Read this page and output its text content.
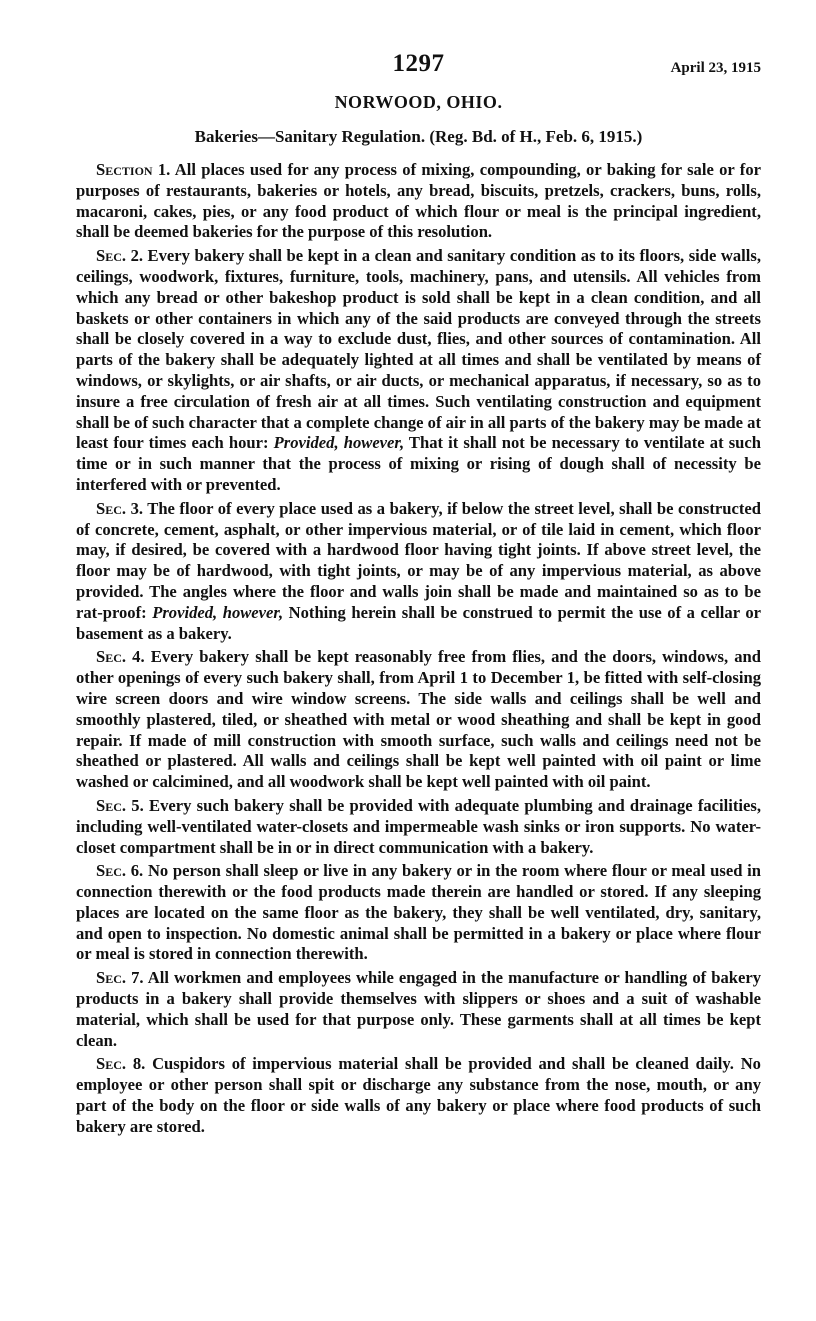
1297	April 23, 1915
NORWOOD, OHIO.
Bakeries—Sanitary Regulation. (Reg. Bd. of H., Feb. 6, 1915.)

Section 1. All places used for any process of mixing, compounding, or baking for sale or for purposes of restaurants, bakeries or hotels, any bread, biscuits, pretzels, crackers, buns, rolls, macaroni, cakes, pies, or any food product of which flour or meal is the principal ingredient, shall be deemed bakeries for the purpose of this resolution.

Sec. 2. Every bakery shall be kept in a clean and sanitary condition as to its floors, side walls, ceilings, woodwork, fixtures, furniture, tools, machinery, pans, and utensils. All vehicles from which any bread or other bakeshop product is sold shall be kept in a clean condition, and all baskets or other containers in which any of the said products are conveyed through the streets shall be closely covered in a way to exclude dust, flies, and other sources of contamination. All parts of the bakery shall be adequately lighted at all times and shall be ventilated by means of windows, or skylights, or air shafts, or air ducts, or mechanical apparatus, if necessary, so as to insure a free circulation of fresh air at all times. Such ventilating construction and equipment shall be of such character that a complete change of air in all parts of the bakery may be made at least four times each hour: Provided, however, That it shall not be necessary to ventilate at such time or in such manner that the process of mixing or rising of dough shall of necessity be interfered with or prevented.

Sec. 3. The floor of every place used as a bakery, if below the street level, shall be constructed of concrete, cement, asphalt, or other impervious material, or of tile laid in cement, which floor may, if desired, be covered with a hardwood floor having tight joints. If above street level, the floor may be of hardwood, with tight joints, or may be of any impervious material, as above provided. The angles where the floor and walls join shall be made and maintained so as to be rat-proof: Provided, however, Nothing herein shall be construed to permit the use of a cellar or basement as a bakery.

Sec. 4. Every bakery shall be kept reasonably free from flies, and the doors, windows, and other openings of every such bakery shall, from April 1 to December 1, be fitted with self-closing wire screen doors and wire window screens. The side walls and ceilings shall be well and smoothly plastered, tiled, or sheathed with metal or wood sheathing and shall be kept in good repair. If made of mill construction with smooth surface, such walls and ceilings need not be sheathed or plastered. All walls and ceilings shall be kept well painted with oil paint or lime washed or calcimined, and all woodwork shall be kept well painted with oil paint.

Sec. 5. Every such bakery shall be provided with adequate plumbing and drainage facilities, including well-ventilated water-closets and impermeable wash sinks or iron supports. No water-closet compartment shall be in or in direct communication with a bakery.

Sec. 6. No person shall sleep or live in any bakery or in the room where flour or meal used in connection therewith or the food products made therein are handled or stored. If any sleeping places are located on the same floor as the bakery, they shall be well ventilated, dry, sanitary, and open to inspection. No domestic animal shall be permitted in a bakery or place where flour or meal is stored in connection therewith.

Sec. 7. All workmen and employees while engaged in the manufacture or handling of bakery products in a bakery shall provide themselves with slippers or shoes and a suit of washable material, which shall be used for that purpose only. These garments shall at all times be kept clean.

Sec. 8. Cuspidors of impervious material shall be provided and shall be cleaned daily. No employee or other person shall spit or discharge any substance from the nose, mouth, or any part of the body on the floor or side walls of any bakery or place where food products of such bakery are stored.
